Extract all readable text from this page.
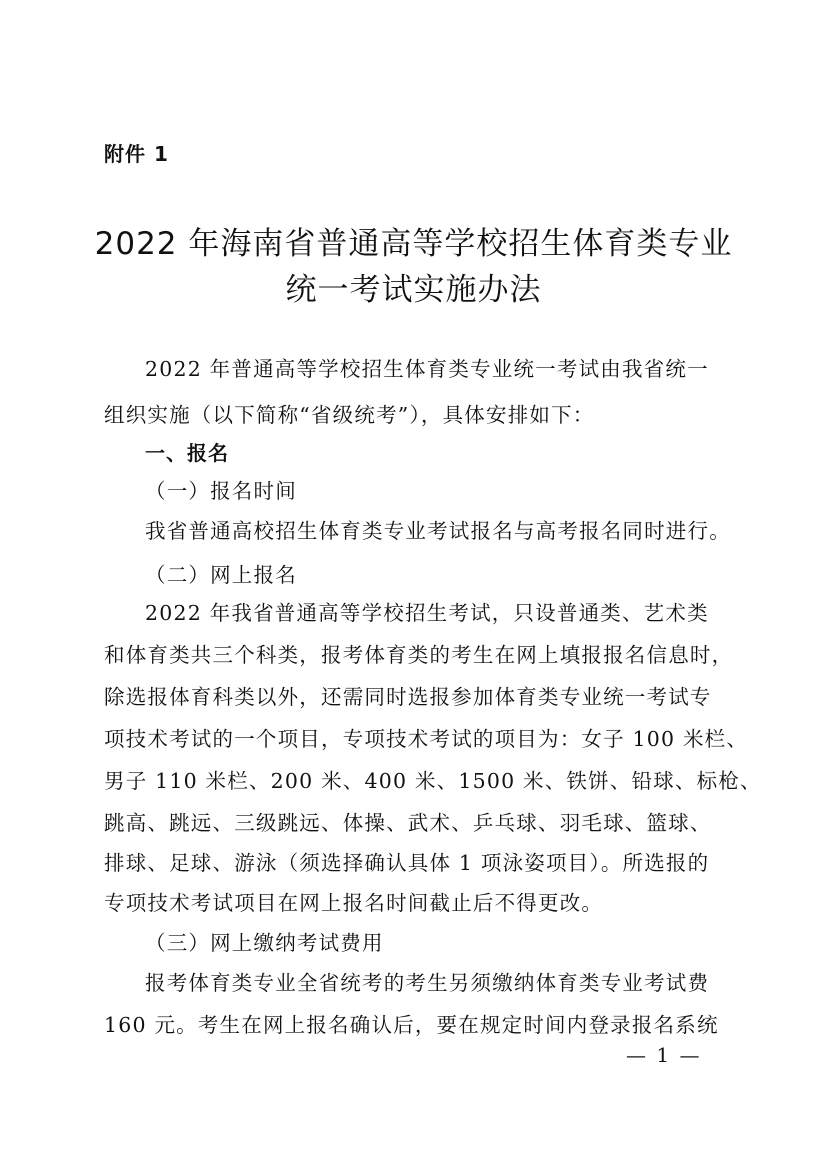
附件 1
2022 年海南省普通高等学校招生体育类专业
统一考试实施办法
2022 年普通高等学校招生体育类专业统一考试由我省统一
组织实施（以下简称“省级统考”），具体安排如下：
一、报名
（一）报名时间
我省普通高校招生体育类专业考试报名与高考报名同时进行。
（二）网上报名
2022 年我省普通高等学校招生考试，只设普通类、艺术类
和体育类共三个科类，报考体育类的考生在网上填报报名信息时，
除选报体育科类以外，还需同时选报参加体育类专业统一考试专
项技术考试的一个项目，专项技术考试的项目为：女子 100 米栏、
男子 110 米栏、200 米、400 米、1500 米、铁饼、铅球、标枪、
跳高、跳远、三级跳远、体操、武术、乒乓球、羽毛球、篮球、
排球、足球、游泳（须选择确认具体 1 项泳姿项目）。所选报的
专项技术考试项目在网上报名时间截止后不得更改。
（三）网上缴纳考试费用
报考体育类专业全省统考的考生另须缴纳体育类专业考试费
160 元。考生在网上报名确认后，要在规定时间内登录报名系统
— 1 —
